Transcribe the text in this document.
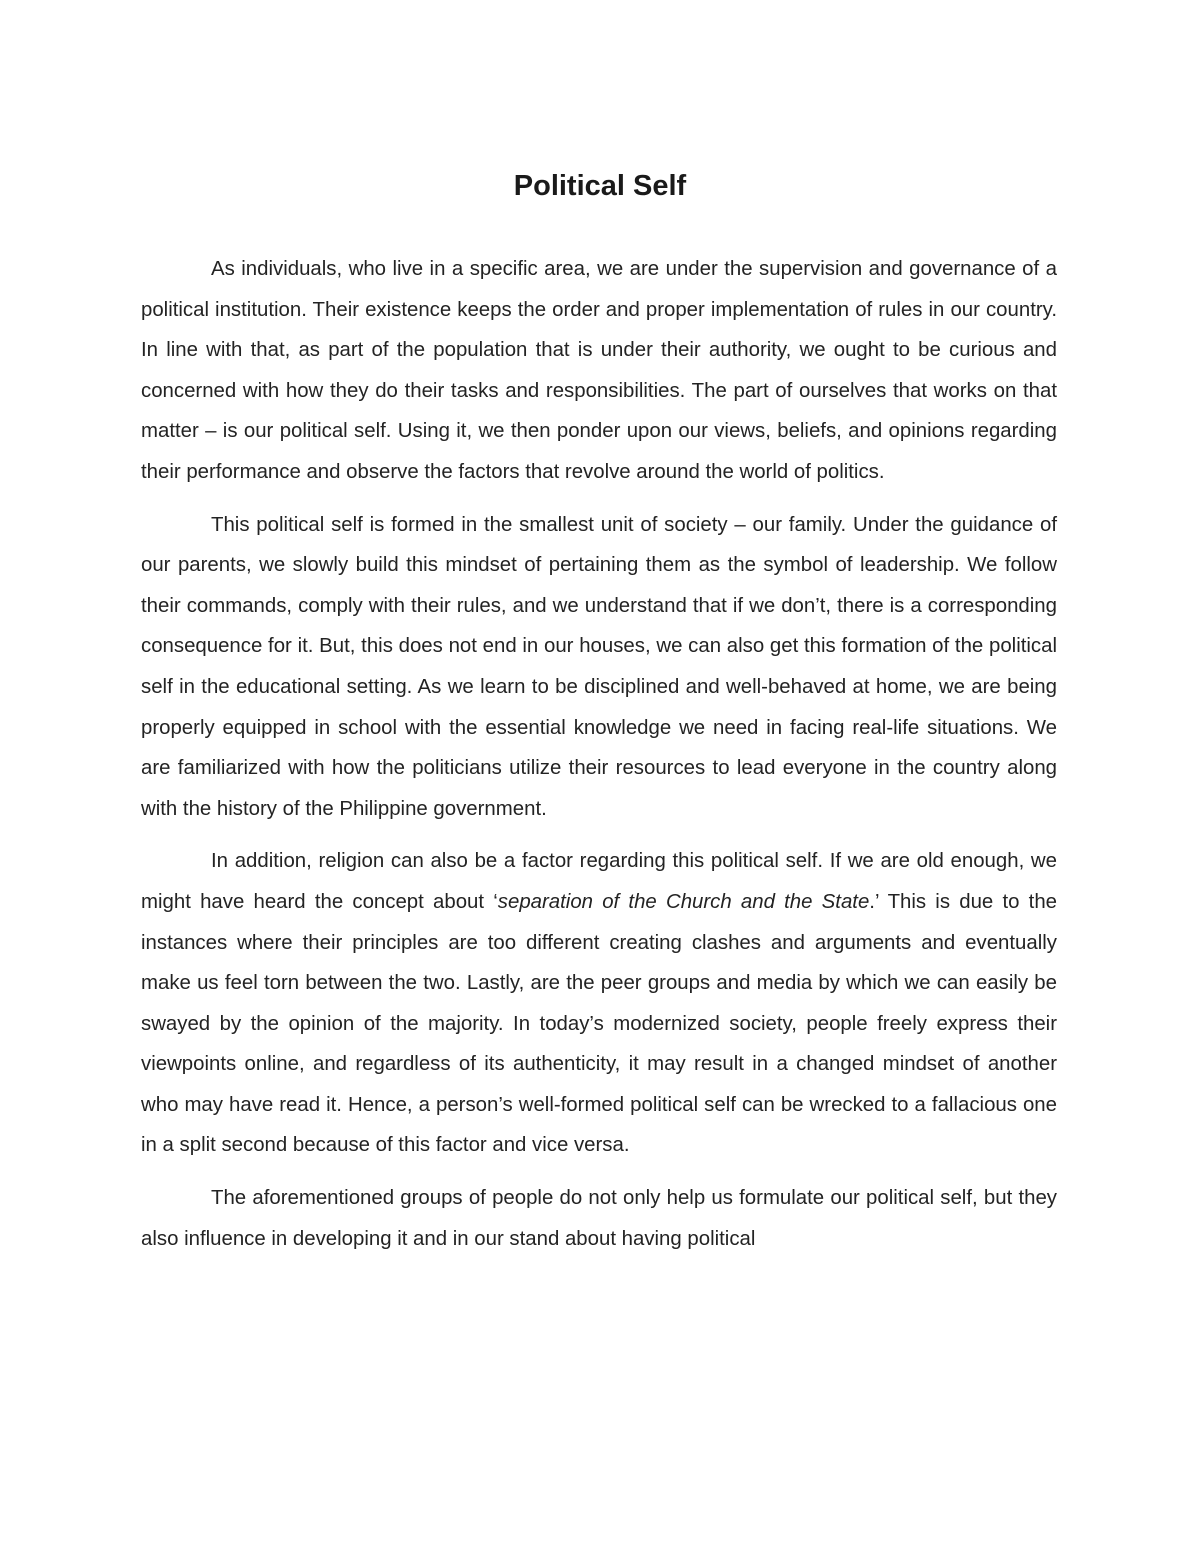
Political Self

As individuals, who live in a specific area, we are under the supervision and governance of a political institution. Their existence keeps the order and proper implementation of rules in our country. In line with that, as part of the population that is under their authority, we ought to be curious and concerned with how they do their tasks and responsibilities. The part of ourselves that works on that matter – is our political self. Using it, we then ponder upon our views, beliefs, and opinions regarding their performance and observe the factors that revolve around the world of politics.

This political self is formed in the smallest unit of society – our family. Under the guidance of our parents, we slowly build this mindset of pertaining them as the symbol of leadership. We follow their commands, comply with their rules, and we understand that if we don’t, there is a corresponding consequence for it. But, this does not end in our houses, we can also get this formation of the political self in the educational setting. As we learn to be disciplined and well-behaved at home, we are being properly equipped in school with the essential knowledge we need in facing real-life situations. We are familiarized with how the politicians utilize their resources to lead everyone in the country along with the history of the Philippine government.

In addition, religion can also be a factor regarding this political self. If we are old enough, we might have heard the concept about ‘separation of the Church and the State.’ This is due to the instances where their principles are too different creating clashes and arguments and eventually make us feel torn between the two. Lastly, are the peer groups and media by which we can easily be swayed by the opinion of the majority. In today’s modernized society, people freely express their viewpoints online, and regardless of its authenticity, it may result in a changed mindset of another who may have read it. Hence, a person’s well-formed political self can be wrecked to a fallacious one in a split second because of this factor and vice versa.

The aforementioned groups of people do not only help us formulate our political self, but they also influence in developing it and in our stand about having political
